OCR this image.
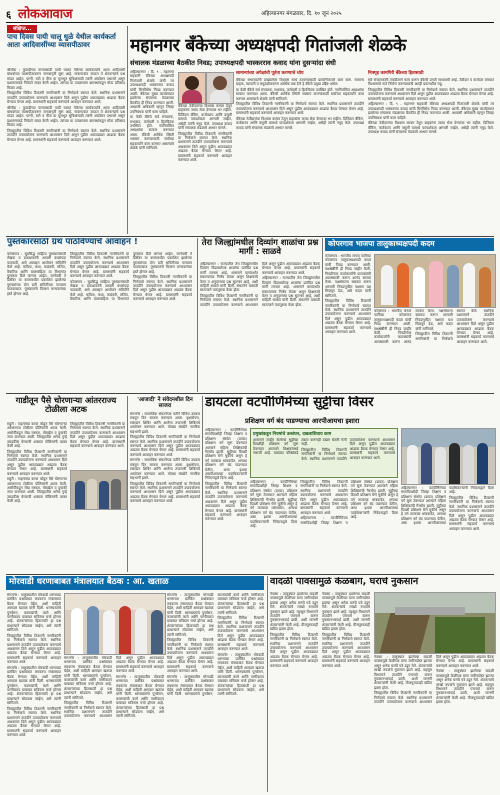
६ लोकआवाज	अहिल्यानगर मंगळवार, दि. १० जून २०२५
संक्षिप्त...
पाच दिवस पायी चालू धुळे येथील कार्यकर्ता आता आदिवासींच्या व्यासपीठावर

श्रीगोंदा : कुकडीच्या पाण्यासाठी पायी चालत गेलेल्या कार्यकर्त्याचे आता आदिवासी बांधवांच्या व्यासपीठावरून जनजागृती सुरू आहे. गावागावांत जाऊन ते शेतकऱ्यांचे प्रश्न मांडत आहेत. पाणी, रस्ते व वीज या मूलभूत सुविधांसाठी त्यांनी आंदोलन उभारले असून प्रशासनाकडे निवेदने सादर केली आहेत. त्यांच्या या उपक्रमाला ग्रामस्थांकडून मोठा प्रतिसाद मिळत आहे.

जिल्ह्यातील विविध ठिकाणी नागरिकांनी या निर्णयाचे स्वागत केले. स्थानिक प्रशासनाने तातडीने उपाययोजना करण्याचे आश्वासन दिले असून पुढील आठवड्यात आढावा बैठक घेण्यात येणार आहे. ग्रामस्थांनी सहकार्य करण्याचे आवाहन करण्यात आले.

श्रीगोंदा : कुकडीच्या पाण्यासाठी पायी चालत गेलेल्या कार्यकर्त्याचे आता आदिवासी बांधवांच्या व्यासपीठावरून जनजागृती सुरू आहे. गावागावांत जाऊन ते शेतकऱ्यांचे प्रश्न मांडत आहेत. पाणी, रस्ते व वीज या मूलभूत सुविधांसाठी त्यांनी आंदोलन उभारले असून प्रशासनाकडे निवेदने सादर केली आहेत. त्यांच्या या उपक्रमाला ग्रामस्थांकडून मोठा प्रतिसाद मिळत आहे.

जिल्ह्यातील विविध ठिकाणी नागरिकांनी या निर्णयाचे स्वागत केले. स्थानिक प्रशासनाने तातडीने उपाययोजना करण्याचे आश्वासन दिले असून पुढील आठवड्यात आढावा बैठक घेण्यात येणार आहे. ग्रामस्थांनी सहकार्य करण्याचे आवाहन करण्यात आले.

महानगर बँकेच्या अध्यक्षपदी गितांजली शेळके
संचालक मंडळाच्या बैठकीत निवड; उपाध्यक्षपदी भास्करराव कवाद यांना दुसऱ्यांदा संधी

अहिल्यानगर : दि. ९ - महानगर सहकारी बँकेच्या अध्यक्षपदी गितांजली शेळके यांची तर उपाध्यक्षपदी भास्करराव कवाद यांची बिनविरोध निवड करण्यात आली. बँकेच्या मुख्य कार्यालयात झालेल्या संचालक मंडळाच्या बैठकीत ही निवड करण्यात आली. अध्यासी अधिकारी म्हणून जिल्हा उपनिबंधक यांनी काम पाहिले.

या वेळी बँकेचे सर्व संचालक, सभासद, कर्मचारी व हितचिंतक उपस्थित होते. नवनिर्वाचित अध्यक्षांचा सत्कार करण्यात आला. बँकेची आर्थिक स्थिती भक्कम करण्यासाठी सर्वांच्या सहकार्याने काम करणार असल्याचे शेळके यांनी सांगितले.

बँकेच्या ठेवीदारांचा विश्वास कायम ठेवून ग्राहकांना जलद सेवा देण्यावर भर राहील. डिजिटल बँकिंग, कर्जवाटप आणि वसुली यामध्ये पारदर्शकता आणली जाईल, असेही त्यांनी नमूद केले. उपाध्यक्ष कवाद यांनी संचालक मंडळाचे आभार मानले.

जिल्ह्यातील विविध ठिकाणी नागरिकांनी या निर्णयाचे स्वागत केले. स्थानिक प्रशासनाने तातडीने उपाययोजना करण्याचे आश्वासन दिले असून पुढील आठवड्यात आढावा बैठक घेण्यात येणार आहे. ग्रामस्थांनी सहकार्य करण्याचे आवाहन करण्यात आले.

सामान्यांच्या अपेक्षांची पूर्तता करण्याचे ध्येय

बँकेच्या सभासदांनी दाखवलेला विश्वास सार्थ ठरवण्यासाठी प्रामाणिकपणे काम करू. सामान्य ग्राहक, व्यापारी व लघुउद्योजकांना आर्थिक बळ देणे हे बँकेचे प्रमुख उद्दिष्ट असेल.

या वेळी बँकेचे सर्व संचालक, सभासद, कर्मचारी व हितचिंतक उपस्थित होते. नवनिर्वाचित अध्यक्षांचा सत्कार करण्यात आला. बँकेची आर्थिक स्थिती भक्कम करण्यासाठी सर्वांच्या सहकार्याने काम करणार असल्याचे शेळके यांनी सांगितले.

जिल्ह्यातील विविध ठिकाणी नागरिकांनी या निर्णयाचे स्वागत केले. स्थानिक प्रशासनाने तातडीने उपाययोजना करण्याचे आश्वासन दिले असून पुढील आठवड्यात आढावा बैठक घेण्यात येणार आहे. ग्रामस्थांनी सहकार्य करण्याचे आवाहन करण्यात आले.

बँकेच्या ठेवीदारांचा विश्वास कायम ठेवून ग्राहकांना जलद सेवा देण्यावर भर राहील. डिजिटल बँकिंग, कर्जवाटप आणि वसुली यामध्ये पारदर्शकता आणली जाईल, असेही त्यांनी नमूद केले. उपाध्यक्ष कवाद यांनी संचालक मंडळाचे आभार मानले.

निःस्पृह कामगिरी बँकेच्या हितासाठी

सर्व संचालकांनी एकदिलाने काम करून बँकेची प्रगती साधायची आहे. ठेवीदार व कर्जदार यांच्यात विश्वासाचे नाते निर्माण करण्यासाठी आम्ही प्रयत्नशील राहू.

जिल्ह्यातील विविध ठिकाणी नागरिकांनी या निर्णयाचे स्वागत केले. स्थानिक प्रशासनाने तातडीने उपाययोजना करण्याचे आश्वासन दिले असून पुढील आठवड्यात आढावा बैठक घेण्यात येणार आहे. ग्रामस्थांनी सहकार्य करण्याचे आवाहन करण्यात आले.

अहिल्यानगर : दि. ९ - महानगर सहकारी बँकेच्या अध्यक्षपदी गितांजली शेळके यांची तर उपाध्यक्षपदी भास्करराव कवाद यांची बिनविरोध निवड करण्यात आली. बँकेच्या मुख्य कार्यालयात झालेल्या संचालक मंडळाच्या बैठकीत ही निवड करण्यात आली. अध्यासी अधिकारी म्हणून जिल्हा उपनिबंधक यांनी काम पाहिले.

बँकेच्या ठेवीदारांचा विश्वास कायम ठेवून ग्राहकांना जलद सेवा देण्यावर भर राहील. डिजिटल बँकिंग, कर्जवाटप आणि वसुली यामध्ये पारदर्शकता आणली जाईल, असेही त्यांनी नमूद केले. उपाध्यक्ष कवाद यांनी संचालक मंडळाचे आभार मानले.

पुस्तकारसाठी ग्रंथ पाठविण्याचे आवाहन !

कोपरगाव : सुप्रसिद्ध साहित्य पुरस्कारांसाठी लेखक व प्रकाशकांनी आपली ग्रंथसंपदा पाठवावी, असे आवाहन आयोजन समितीने केले आहे. कविता, कथा, कादंबरी, ललित, वैचारिक आणि बालसाहित्य या विभागांत पुरस्कार दिले जाणार आहेत. जानेवारी ते डिसेंबर या कालावधीत प्रकाशित झालेल्या पुस्तकांच्या दोन प्रती समितीच्या पत्त्यावर पाठवाव्यात. पुरस्कारांचे वितरण मान्यवरांच्या हस्ते होणार आहे.

जिल्ह्यातील विविध ठिकाणी नागरिकांनी या निर्णयाचे स्वागत केले. स्थानिक प्रशासनाने तातडीने उपाययोजना करण्याचे आश्वासन दिले असून पुढील आठवड्यात आढावा बैठक घेण्यात येणार आहे. ग्रामस्थांनी सहकार्य करण्याचे आवाहन करण्यात आले.

कोपरगाव : सुप्रसिद्ध साहित्य पुरस्कारांसाठी लेखक व प्रकाशकांनी आपली ग्रंथसंपदा पाठवावी, असे आवाहन आयोजन समितीने केले आहे. कविता, कथा, कादंबरी, ललित, वैचारिक आणि बालसाहित्य या विभागांत पुरस्कार दिले जाणार आहेत. जानेवारी ते डिसेंबर या कालावधीत प्रकाशित झालेल्या पुस्तकांच्या दोन प्रती समितीच्या पत्त्यावर पाठवाव्यात. पुरस्कारांचे वितरण मान्यवरांच्या हस्ते होणार आहे.

जिल्ह्यातील विविध ठिकाणी नागरिकांनी या निर्णयाचे स्वागत केले. स्थानिक प्रशासनाने तातडीने उपाययोजना करण्याचे आश्वासन दिले असून पुढील आठवड्यात आढावा बैठक घेण्यात येणार आहे. ग्रामस्थांनी सहकार्य करण्याचे आवाहन करण्यात आले.

तेरा जिल्ह्यांमधील दिव्यांग शाळांचा प्रश्न मार्गी : साळवे

अहिल्यानगर : राज्यातील तेरा जिल्ह्यांमधील दिव्यांग विद्यार्थ्यांच्या शाळांचा प्रलंबित प्रश्न मार्गी लागला आहे. शासनाने यासंदर्भात सकारात्मक निर्णय घेतला असून शिक्षकांचे वेतन व अनुदानाचा प्रश्न सुटणार आहे, अशी माहिती साळवे यांनी दिली. संघटनेने यासाठी सातत्याने पाठपुरावा केला होता.

जिल्ह्यातील विविध ठिकाणी नागरिकांनी या निर्णयाचे स्वागत केले. स्थानिक प्रशासनाने तातडीने उपाययोजना करण्याचे आश्वासन दिले असून पुढील आठवड्यात आढावा बैठक घेण्यात येणार आहे. ग्रामस्थांनी सहकार्य करण्याचे आवाहन करण्यात आले.

अहिल्यानगर : राज्यातील तेरा जिल्ह्यांमधील दिव्यांग विद्यार्थ्यांच्या शाळांचा प्रलंबित प्रश्न मार्गी लागला आहे. शासनाने यासंदर्भात सकारात्मक निर्णय घेतला असून शिक्षकांचे वेतन व अनुदानाचा प्रश्न सुटणार आहे, अशी माहिती साळवे यांनी दिली. संघटनेने यासाठी सातत्याने पाठपुरावा केला होता.

कोपरगाव भाजपा तालुकाध्यक्षपदी कदम

कोपरगाव : भारतीय जनता पार्टीच्या कोपरगाव तालुकाध्यक्षपदी कदम यांची निवड करण्यात आली. पक्षश्रेष्ठींनी ही निवड जाहीर केली. निवडीनंतर कार्यकर्त्यांनी फटाक्यांची आतषबाजी करून आनंद साजरा केला. पक्षसंघटना बळकट करून आगामी निवडणुकीत पक्षाला यश मिळवून देऊ, असे कदम यांनी सांगितले.

जिल्ह्यातील विविध ठिकाणी नागरिकांनी या निर्णयाचे स्वागत केले. स्थानिक प्रशासनाने तातडीने उपाययोजना करण्याचे आश्वासन दिले असून पुढील आठवड्यात आढावा बैठक घेण्यात येणार आहे. ग्रामस्थांनी सहकार्य करण्याचे आवाहन करण्यात आले.

कोपरगाव : भारतीय जनता पार्टीच्या कोपरगाव तालुकाध्यक्षपदी कदम यांची निवड करण्यात आली. पक्षश्रेष्ठींनी ही निवड जाहीर केली. निवडीनंतर कार्यकर्त्यांनी फटाक्यांची आतषबाजी करून आनंद साजरा केला. पक्षसंघटना बळकट करून आगामी निवडणुकीत पक्षाला यश मिळवून देऊ, असे कदम यांनी सांगितले.

जिल्ह्यातील विविध ठिकाणी नागरिकांनी या निर्णयाचे स्वागत केले. स्थानिक प्रशासनाने तातडीने उपाययोजना करण्याचे आश्वासन दिले असून पुढील आठवड्यात आढावा बैठक घेण्यात येणार आहे. ग्रामस्थांनी सहकार्य करण्याचे आवाहन करण्यात आले.

गाडीतून पैसे चोरणाऱ्या आंतरराज्य टोळीला अटक

राहुरी : वाहनांच्या काचा फोडून पैसे चोरणाऱ्या आंतरराज्य टोळीला पोलिसांनी अटक केली. आरोपींकडून रोख रक्कम, मोबाईल व दुचाकी जप्त करण्यात आली. जिल्ह्यातील अनेक गुन्हे उघडकीस येण्याची शक्यता पोलिसांनी व्यक्त केली आहे.

जिल्ह्यातील विविध ठिकाणी नागरिकांनी या निर्णयाचे स्वागत केले. स्थानिक प्रशासनाने तातडीने उपाययोजना करण्याचे आश्वासन दिले असून पुढील आठवड्यात आढावा बैठक घेण्यात येणार आहे. ग्रामस्थांनी सहकार्य करण्याचे आवाहन करण्यात आले.

राहुरी : वाहनांच्या काचा फोडून पैसे चोरणाऱ्या आंतरराज्य टोळीला पोलिसांनी अटक केली. आरोपींकडून रोख रक्कम, मोबाईल व दुचाकी जप्त करण्यात आली. जिल्ह्यातील अनेक गुन्हे उघडकीस येण्याची शक्यता पोलिसांनी व्यक्त केली आहे.

जिल्ह्यातील विविध ठिकाणी नागरिकांनी या निर्णयाचे स्वागत केले. स्थानिक प्रशासनाने तातडीने उपाययोजना करण्याचे आश्वासन दिले असून पुढील आठवड्यात आढावा बैठक घेण्यात येणार आहे. ग्रामस्थांनी सहकार्य करण्याचे आवाहन करण्यात आले.

'आजादी' ने संवेदनशील दिन साजरा

संगमनेर : सामाजिक संघटनेच्या वतीने विविध उपक्रम राबवून दिन साजरा करण्यात आला. वृक्षारोपण, रक्तदान शिबिर आणि आरोग्य तपासणी शिबिराचे आयोजन करण्यात आले. मोठ्या संख्येने नागरिक सहभागी झाले.

जिल्ह्यातील विविध ठिकाणी नागरिकांनी या निर्णयाचे स्वागत केले. स्थानिक प्रशासनाने तातडीने उपाययोजना करण्याचे आश्वासन दिले असून पुढील आठवड्यात आढावा बैठक घेण्यात येणार आहे. ग्रामस्थांनी सहकार्य करण्याचे आवाहन करण्यात आले.

संगमनेर : सामाजिक संघटनेच्या वतीने विविध उपक्रम राबवून दिन साजरा करण्यात आला. वृक्षारोपण, रक्तदान शिबिर आणि आरोग्य तपासणी शिबिराचे आयोजन करण्यात आले. मोठ्या संख्येने नागरिक सहभागी झाले.

जिल्ह्यातील विविध ठिकाणी नागरिकांनी या निर्णयाचे स्वागत केले. स्थानिक प्रशासनाने तातडीने उपाययोजना करण्याचे आश्वासन दिले असून पुढील आठवड्यात आढावा बैठक घेण्यात येणार आहे. ग्रामस्थांनी सहकार्य करण्याचे आवाहन करण्यात आले.

डायटला वटपौर्णिमेच्या सुट्टीचा विसर
प्रशिक्षण वर्ग बंद पाडण्याचा आरपीआयचा इशारा

अहिल्यानगर : वटपौर्णिमेच्या सणादिवशीही जिल्हा शिक्षण व प्रशिक्षण संस्थेत (डायट) प्रशिक्षण वर्ग सुरू ठेवण्यात आल्याने महिला शिक्षिकांची गैरसोय झाली. सुट्टीच्या दिवशी प्रशिक्षण घेणे चुकीचे असून हे वर्ग तात्काळ थांबवावेत, अन्यथा प्रशिक्षण वर्ग बंद पाडण्यात येतील, असा इशारा आरपीआयच्या पदाधिकाऱ्यांनी निवेदनाद्वारे दिला आहे.

जिल्ह्यातील विविध ठिकाणी नागरिकांनी या निर्णयाचे स्वागत केले. स्थानिक प्रशासनाने तातडीने उपाययोजना करण्याचे आश्वासन दिले असून पुढील आठवड्यात आढावा बैठक घेण्यात येणार आहे. ग्रामस्थांनी सहकार्य करण्याचे आवाहन करण्यात आले.

प्रमुखांकडून नियमांचे उल्लंघन, दखलाशिवाय काम

शासनाने जाहीर केलेल्या सुट्टीच्या दिवशीही प्रशिक्षण वर्ग सुरू ठेवण्यात आल्याने शिक्षकांमध्ये नाराजी आहे. याबाबत वरिष्ठांकडे तक्रार करूनही दखल घेतली गेली नाही.

जिल्ह्यातील विविध ठिकाणी नागरिकांनी या निर्णयाचे स्वागत केले. स्थानिक प्रशासनाने तातडीने उपाययोजना करण्याचे आश्वासन दिले असून पुढील आठवड्यात आढावा बैठक घेण्यात येणार आहे. ग्रामस्थांनी सहकार्य करण्याचे आवाहन करण्यात आले.

अहिल्यानगर : वटपौर्णिमेच्या सणादिवशीही जिल्हा शिक्षण व प्रशिक्षण संस्थेत (डायट) प्रशिक्षण वर्ग सुरू ठेवण्यात आल्याने महिला शिक्षिकांची गैरसोय झाली. सुट्टीच्या दिवशी प्रशिक्षण घेणे चुकीचे असून हे वर्ग तात्काळ थांबवावेत, अन्यथा प्रशिक्षण वर्ग बंद पाडण्यात येतील, असा इशारा आरपीआयच्या पदाधिकाऱ्यांनी निवेदनाद्वारे दिला आहे.

जिल्ह्यातील विविध ठिकाणी नागरिकांनी या निर्णयाचे स्वागत केले. स्थानिक प्रशासनाने तातडीने उपाययोजना करण्याचे आश्वासन दिले असून पुढील आठवड्यात आढावा बैठक घेण्यात येणार आहे. ग्रामस्थांनी सहकार्य करण्याचे आवाहन करण्यात आले.

अहिल्यानगर : वटपौर्णिमेच्या सणादिवशीही जिल्हा शिक्षण व प्रशिक्षण संस्थेत (डायट) प्रशिक्षण वर्ग सुरू ठेवण्यात आल्याने महिला शिक्षिकांची गैरसोय झाली. सुट्टीच्या दिवशी प्रशिक्षण घेणे चुकीचे असून हे वर्ग तात्काळ थांबवावेत, अन्यथा प्रशिक्षण वर्ग बंद पाडण्यात येतील, असा इशारा आरपीआयच्या पदाधिकाऱ्यांनी निवेदनाद्वारे दिला आहे.

अहिल्यानगर : वटपौर्णिमेच्या सणादिवशीही जिल्हा शिक्षण व प्रशिक्षण संस्थेत (डायट) प्रशिक्षण वर्ग सुरू ठेवण्यात आल्याने महिला शिक्षिकांची गैरसोय झाली. सुट्टीच्या दिवशी प्रशिक्षण घेणे चुकीचे असून हे वर्ग तात्काळ थांबवावेत, अन्यथा प्रशिक्षण वर्ग बंद पाडण्यात येतील, असा इशारा आरपीआयच्या पदाधिकाऱ्यांनी निवेदनाद्वारे दिला आहे.

जिल्ह्यातील विविध ठिकाणी नागरिकांनी या निर्णयाचे स्वागत केले. स्थानिक प्रशासनाने तातडीने उपाययोजना करण्याचे आश्वासन दिले असून पुढील आठवड्यात आढावा बैठक घेण्यात येणार आहे. ग्रामस्थांनी सहकार्य करण्याचे आवाहन करण्यात आले.

मोरवाडी धरणाबाबत मंत्रालयात बैठक : आ. खताळ

संगमनेर : तालुक्यातील मोरवाडी धरणाच्या प्रलंबित प्रश्नांबाबत लवकरच मंत्रालयात बैठक घेण्यात येईल, अशी माहिती आमदार खताळ यांनी दिली. धरणग्रस्तांचे पुनर्वसन, कालव्यांची कामे आणि पाणीवाटप याबाबत सविस्तर चर्चा होणार आहे. शेतकऱ्यांच्या हितासाठी हा प्रश्न प्राधान्याने सोडवला जाईल, असे त्यांनी सांगितले.

जिल्ह्यातील विविध ठिकाणी नागरिकांनी या निर्णयाचे स्वागत केले. स्थानिक प्रशासनाने तातडीने उपाययोजना करण्याचे आश्वासन दिले असून पुढील आठवड्यात आढावा बैठक घेण्यात येणार आहे. ग्रामस्थांनी सहकार्य करण्याचे आवाहन करण्यात आले.

संगमनेर : तालुक्यातील मोरवाडी धरणाच्या प्रलंबित प्रश्नांबाबत लवकरच मंत्रालयात बैठक घेण्यात येईल, अशी माहिती आमदार खताळ यांनी दिली. धरणग्रस्तांचे पुनर्वसन, कालव्यांची कामे आणि पाणीवाटप याबाबत सविस्तर चर्चा होणार आहे. शेतकऱ्यांच्या हितासाठी हा प्रश्न प्राधान्याने सोडवला जाईल, असे त्यांनी सांगितले.

जिल्ह्यातील विविध ठिकाणी नागरिकांनी या निर्णयाचे स्वागत केले. स्थानिक प्रशासनाने तातडीने उपाययोजना करण्याचे आश्वासन दिले असून पुढील आठवड्यात आढावा बैठक घेण्यात येणार आहे. ग्रामस्थांनी सहकार्य करण्याचे आवाहन करण्यात आले.

संगमनेर : तालुक्यातील मोरवाडी धरणाच्या प्रलंबित प्रश्नांबाबत लवकरच मंत्रालयात बैठक घेण्यात येईल, अशी माहिती आमदार खताळ यांनी दिली. धरणग्रस्तांचे पुनर्वसन, कालव्यांची कामे आणि पाणीवाटप याबाबत सविस्तर चर्चा होणार आहे. शेतकऱ्यांच्या हितासाठी हा प्रश्न प्राधान्याने सोडवला जाईल, असे त्यांनी सांगितले.

जिल्ह्यातील विविध ठिकाणी नागरिकांनी या निर्णयाचे स्वागत केले. स्थानिक प्रशासनाने तातडीने उपाययोजना करण्याचे आश्वासन दिले असून पुढील आठवड्यात आढावा बैठक घेण्यात येणार आहे. ग्रामस्थांनी सहकार्य करण्याचे आवाहन करण्यात आले.

संगमनेर : तालुक्यातील मोरवाडी धरणाच्या प्रलंबित प्रश्नांबाबत लवकरच मंत्रालयात बैठक घेण्यात येईल, अशी माहिती आमदार खताळ यांनी दिली. धरणग्रस्तांचे पुनर्वसन, कालव्यांची कामे आणि पाणीवाटप याबाबत सविस्तर चर्चा होणार आहे. शेतकऱ्यांच्या हितासाठी हा प्रश्न प्राधान्याने सोडवला जाईल, असे त्यांनी सांगितले.

संगमनेर : तालुक्यातील मोरवाडी धरणाच्या प्रलंबित प्रश्नांबाबत लवकरच मंत्रालयात बैठक घेण्यात येईल, अशी माहिती आमदार खताळ यांनी दिली. धरणग्रस्तांचे पुनर्वसन, कालव्यांची कामे आणि पाणीवाटप याबाबत सविस्तर चर्चा होणार आहे. शेतकऱ्यांच्या हितासाठी हा प्रश्न प्राधान्याने सोडवला जाईल, असे त्यांनी सांगितले.

जिल्ह्यातील विविध ठिकाणी नागरिकांनी या निर्णयाचे स्वागत केले. स्थानिक प्रशासनाने तातडीने उपाययोजना करण्याचे आश्वासन दिले असून पुढील आठवड्यात आढावा बैठक घेण्यात येणार आहे. ग्रामस्थांनी सहकार्य करण्याचे आवाहन करण्यात आले.

संगमनेर : तालुक्यातील मोरवाडी धरणाच्या प्रलंबित प्रश्नांबाबत लवकरच मंत्रालयात बैठक घेण्यात येईल, अशी माहिती आमदार खताळ यांनी दिली. धरणग्रस्तांचे पुनर्वसन, कालव्यांची कामे आणि पाणीवाटप याबाबत सविस्तर चर्चा होणार आहे. शेतकऱ्यांच्या हितासाठी हा प्रश्न प्राधान्याने सोडवला जाईल, असे त्यांनी सांगितले.

जिल्ह्यातील विविध ठिकाणी नागरिकांनी या निर्णयाचे स्वागत केले. स्थानिक प्रशासनाने तातडीने उपाययोजना करण्याचे आश्वासन दिले असून पुढील आठवड्यात आढावा बैठक घेण्यात येणार आहे. ग्रामस्थांनी सहकार्य करण्याचे आवाहन करण्यात आले.

संगमनेर : तालुक्यातील मोरवाडी धरणाच्या प्रलंबित प्रश्नांबाबत लवकरच मंत्रालयात बैठक घेण्यात येईल, अशी माहिती आमदार खताळ यांनी दिली. धरणग्रस्तांचे पुनर्वसन, कालव्यांची कामे आणि पाणीवाटप याबाबत सविस्तर चर्चा होणार आहे. शेतकऱ्यांच्या हितासाठी हा प्रश्न प्राधान्याने सोडवला जाईल, असे त्यांनी सांगितले.

वादळी पावसामुळे केळबाग, घराचे नुकसान

नेवासा : तालुक्यात झालेल्या वादळी पावसामुळे केळीच्या बागा जमीनदोस्त झाल्या असून अनेक घरांचे पत्रे उडून गेले. शेतकऱ्यांचे लाखो रुपयांचे नुकसान झाले आहे. महसूल विभागाने तातडीने पंचनामे करून नुकसानभरपाई द्यावी, अशी मागणी शेतकऱ्यांनी केली आहे. वीजपुरवठाही खंडित झाला होता.

जिल्ह्यातील विविध ठिकाणी नागरिकांनी या निर्णयाचे स्वागत केले. स्थानिक प्रशासनाने तातडीने उपाययोजना करण्याचे आश्वासन दिले असून पुढील आठवड्यात आढावा बैठक घेण्यात येणार आहे. ग्रामस्थांनी सहकार्य करण्याचे आवाहन करण्यात आले.

नेवासा : तालुक्यात झालेल्या वादळी पावसामुळे केळीच्या बागा जमीनदोस्त झाल्या असून अनेक घरांचे पत्रे उडून गेले. शेतकऱ्यांचे लाखो रुपयांचे नुकसान झाले आहे. महसूल विभागाने तातडीने पंचनामे करून नुकसानभरपाई द्यावी, अशी मागणी शेतकऱ्यांनी केली आहे. वीजपुरवठाही खंडित झाला होता.

जिल्ह्यातील विविध ठिकाणी नागरिकांनी या निर्णयाचे स्वागत केले. स्थानिक प्रशासनाने तातडीने उपाययोजना करण्याचे आश्वासन दिले असून पुढील आठवड्यात आढावा बैठक घेण्यात येणार आहे. ग्रामस्थांनी सहकार्य करण्याचे आवाहन करण्यात आले.

नेवासा : तालुक्यात झालेल्या वादळी पावसामुळे केळीच्या बागा जमीनदोस्त झाल्या असून अनेक घरांचे पत्रे उडून गेले. शेतकऱ्यांचे लाखो रुपयांचे नुकसान झाले आहे. महसूल विभागाने तातडीने पंचनामे करून नुकसानभरपाई द्यावी, अशी मागणी शेतकऱ्यांनी केली आहे. वीजपुरवठाही खंडित झाला होता.

जिल्ह्यातील विविध ठिकाणी नागरिकांनी या निर्णयाचे स्वागत केले. स्थानिक प्रशासनाने तातडीने उपाययोजना करण्याचे आश्वासन दिले असून पुढील आठवड्यात आढावा बैठक घेण्यात येणार आहे. ग्रामस्थांनी सहकार्य करण्याचे आवाहन करण्यात आले.

नेवासा : तालुक्यात झालेल्या वादळी पावसामुळे केळीच्या बागा जमीनदोस्त झाल्या असून अनेक घरांचे पत्रे उडून गेले. शेतकऱ्यांचे लाखो रुपयांचे नुकसान झाले आहे. महसूल विभागाने तातडीने पंचनामे करून नुकसानभरपाई द्यावी, अशी मागणी शेतकऱ्यांनी केली आहे. वीजपुरवठाही खंडित झाला होता.
